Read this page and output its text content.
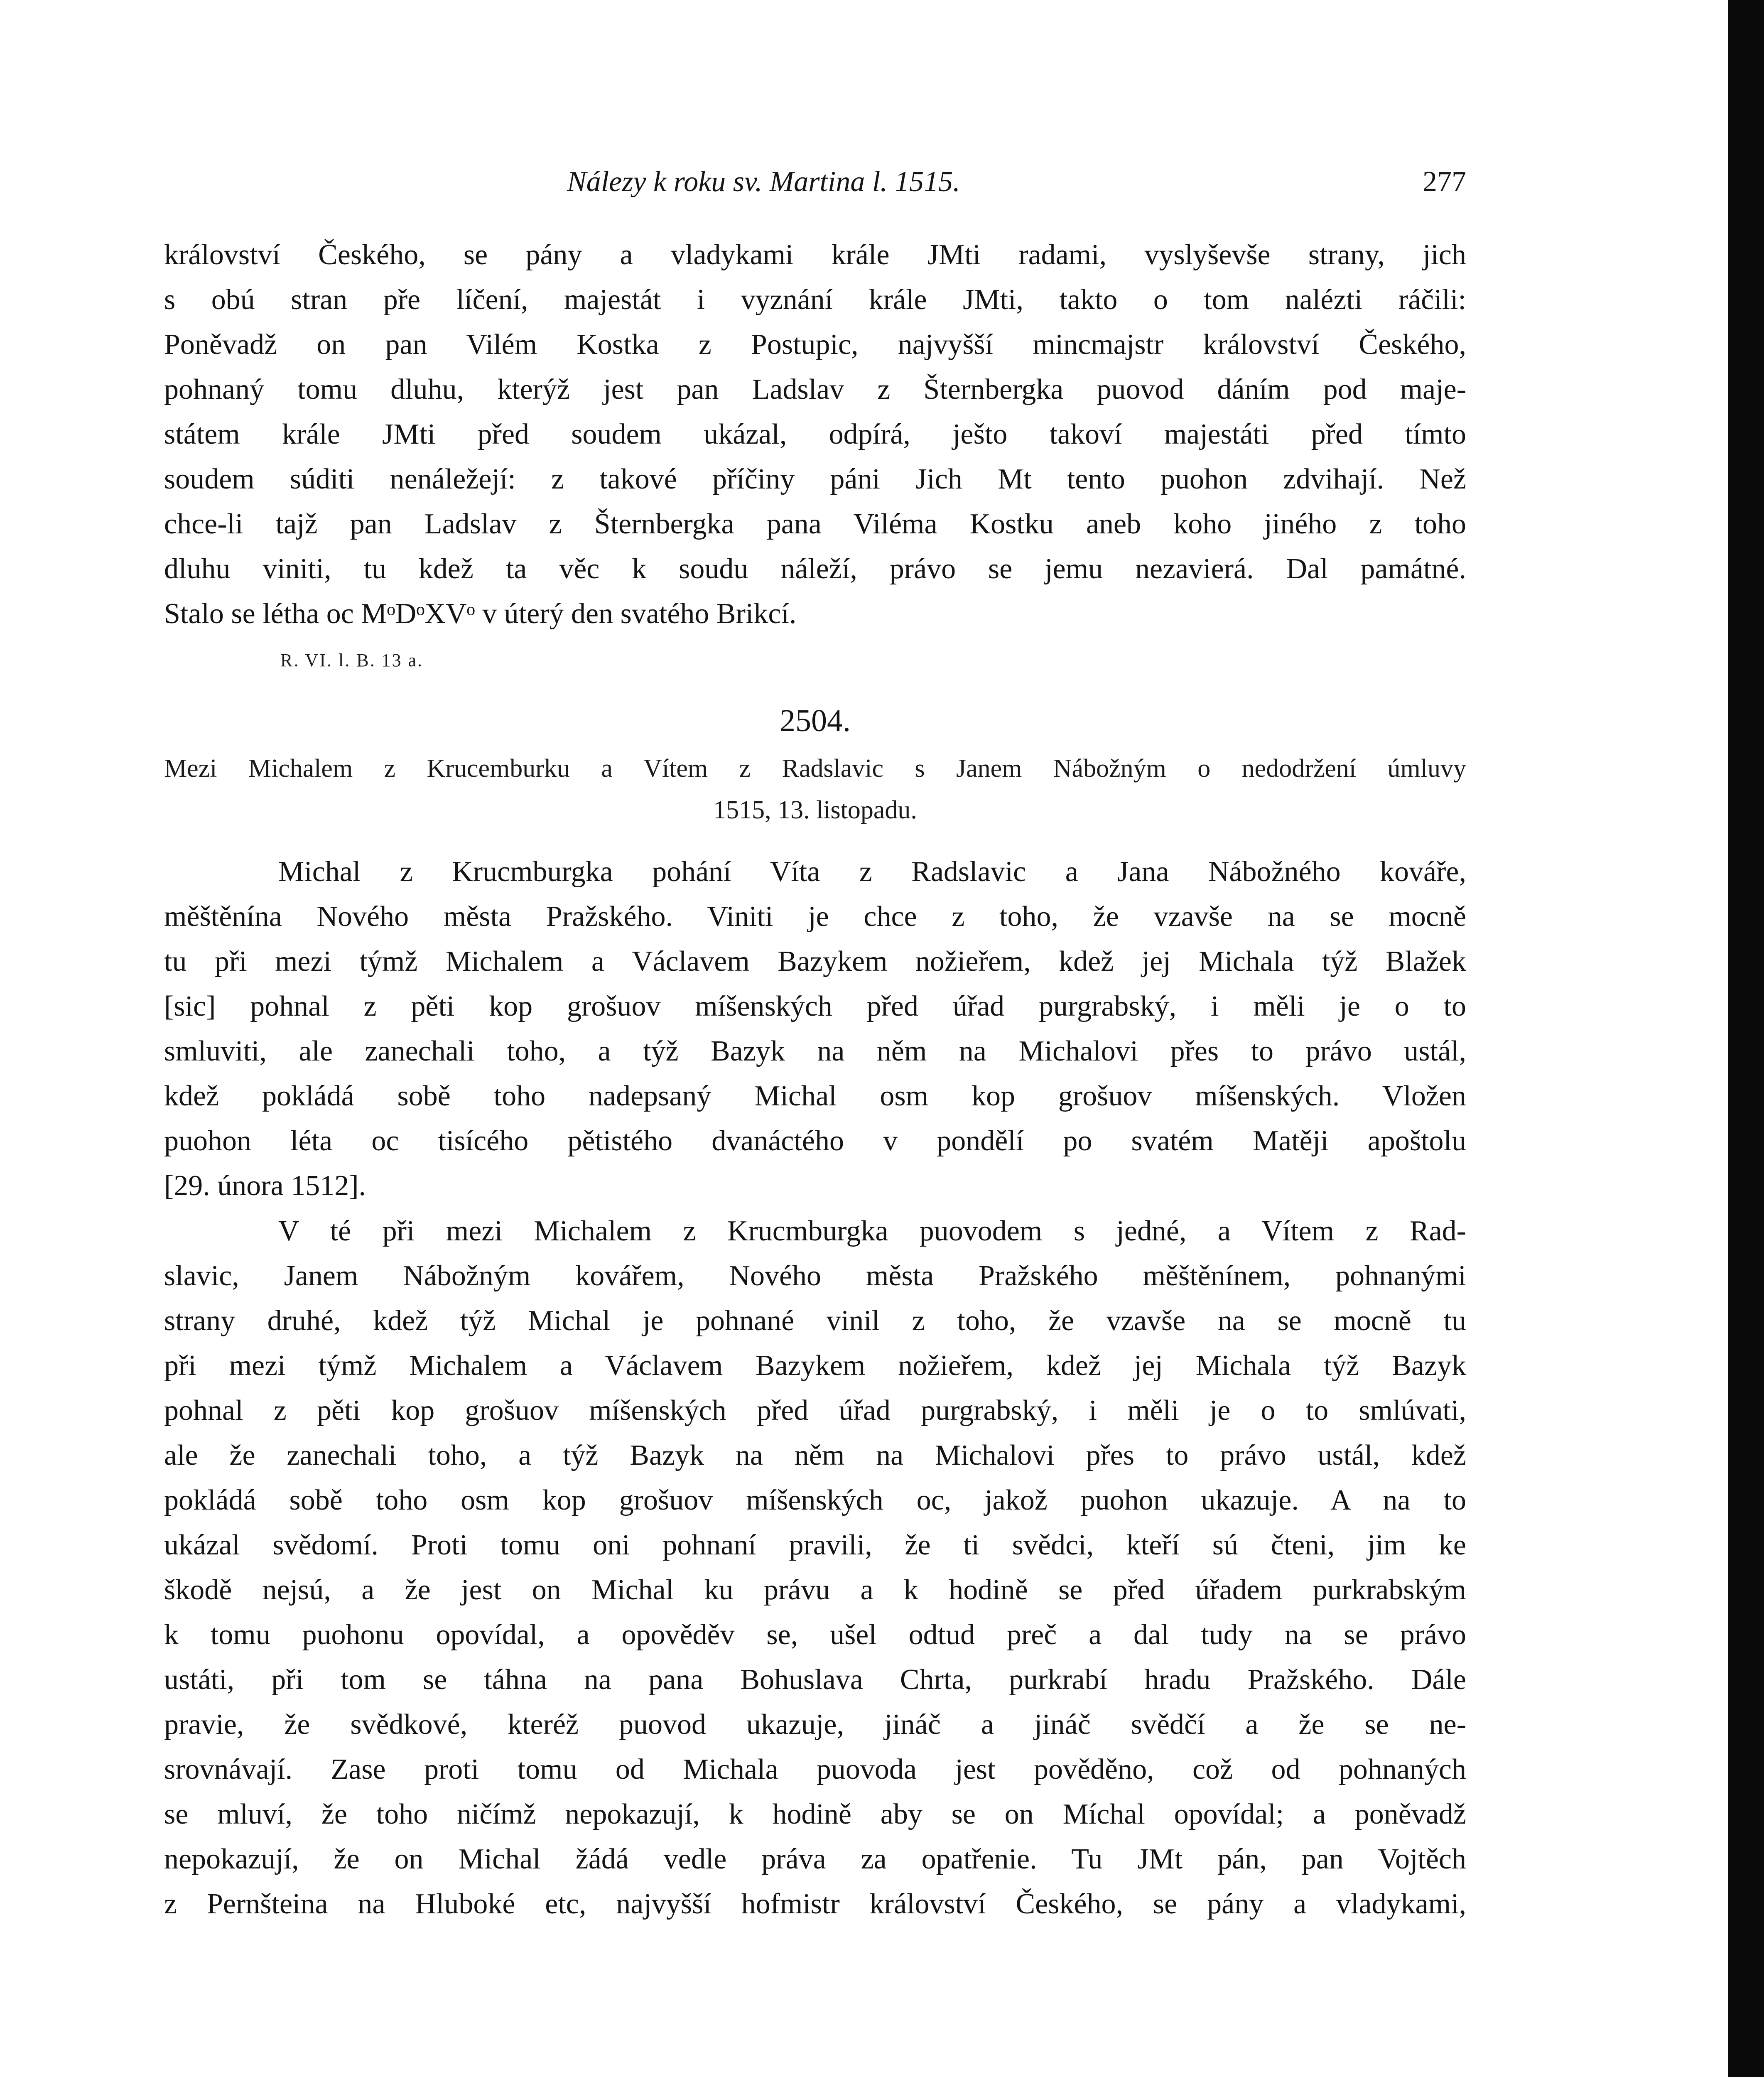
Nálezy k roku sv. Martina l. 1515.	277
království Českého, se pány a vladykami krále JMti radami, vyslyševše strany, jich
s obú stran pře líčení, majestát i vyznání krále JMti, takto o tom nalézti ráčili:
Poněvadž on pan Vilém Kostka z Postupic, najvyšší mincmajstr království Českého,
pohnaný tomu dluhu, kterýž jest pan Ladslav z Šternbergka puovod dáním pod maje-
státem krále JMti před soudem ukázal, odpírá, ješto takoví majestáti před tímto
soudem súditi nenáležejí: z takové příčiny páni Jich Mt tento puohon zdvihají. Než
chce-li tajž pan Ladslav z Šternbergka pana Viléma Kostku aneb koho jiného z toho
dluhu viniti, tu kdež ta věc k soudu náleží, právo se jemu nezavierá. Dal památné.
Stalo se létha oc MᵒDᵒXVᵒ v úterý den svatého Brikcí.
R. VI. l. B. 13 a.
2504.
Mezi Michalem z Krucemburku a Vítem z Radslavic s Janem Nábožným o nedodržení úmluvy
1515, 13. listopadu.
Michal z Krucmburgka pohání Víta z Radslavic a Jana Nábožného kováře,
měštěnína Nového města Pražského. Viniti je chce z toho, že vzavše na se mocně
tu při mezi týmž Michalem a Václavem Bazykem nožieřem, kdež jej Michala týž Blažek
[sic] pohnal z pěti kop grošuov míšenských před úřad purgrabský, i měli je o to
smluviti, ale zanechali toho, a týž Bazyk na něm na Michalovi přes to právo ustál,
kdež pokládá sobě toho nadepsaný Michal osm kop grošuov míšenských. Vložen
puohon léta oc tisícého pětistého dvanáctého v pondělí po svatém Matěji apoštolu
[29. února 1512].
V té při mezi Michalem z Krucmburgka puovodem s jedné, a Vítem z Rad-
slavic, Janem Nábožným kovářem, Nového města Pražského měštěnínem, pohnanými
strany druhé, kdež týž Michal je pohnané vinil z toho, že vzavše na se mocně tu
při mezi týmž Michalem a Václavem Bazykem nožieřem, kdež jej Michala týž Bazyk
pohnal z pěti kop grošuov míšenských před úřad purgrabský, i měli je o to smlúvati,
ale že zanechali toho, a týž Bazyk na něm na Michalovi přes to právo ustál, kdež
pokládá sobě toho osm kop grošuov míšenských oc, jakož puohon ukazuje. A na to
ukázal svědomí. Proti tomu oni pohnaní pravili, že ti svědci, kteří sú čteni, jim ke
škodě nejsú, a že jest on Michal ku právu a k hodině se před úřadem purkrabským
k tomu puohonu opovídal, a opověděv se, ušel odtud preč a dal tudy na se právo
ustáti, při tom se táhna na pana Bohuslava Chrta, purkrabí hradu Pražského. Dále
pravie, že svědkové, kteréž puovod ukazuje, jináč a jináč svědčí a že se ne-
srovnávají. Zase proti tomu od Michala puovoda jest pověděno, což od pohnaných
se mluví, že toho ničímž nepokazují, k hodině aby se on Míchal opovídal; a poněvadž
nepokazují, že on Michal žádá vedle práva za opatřenie. Tu JMt pán, pan Vojtěch
z Pernšteina na Hluboké etc, najvyšší hofmistr království Českého, se pány a vladykami,
